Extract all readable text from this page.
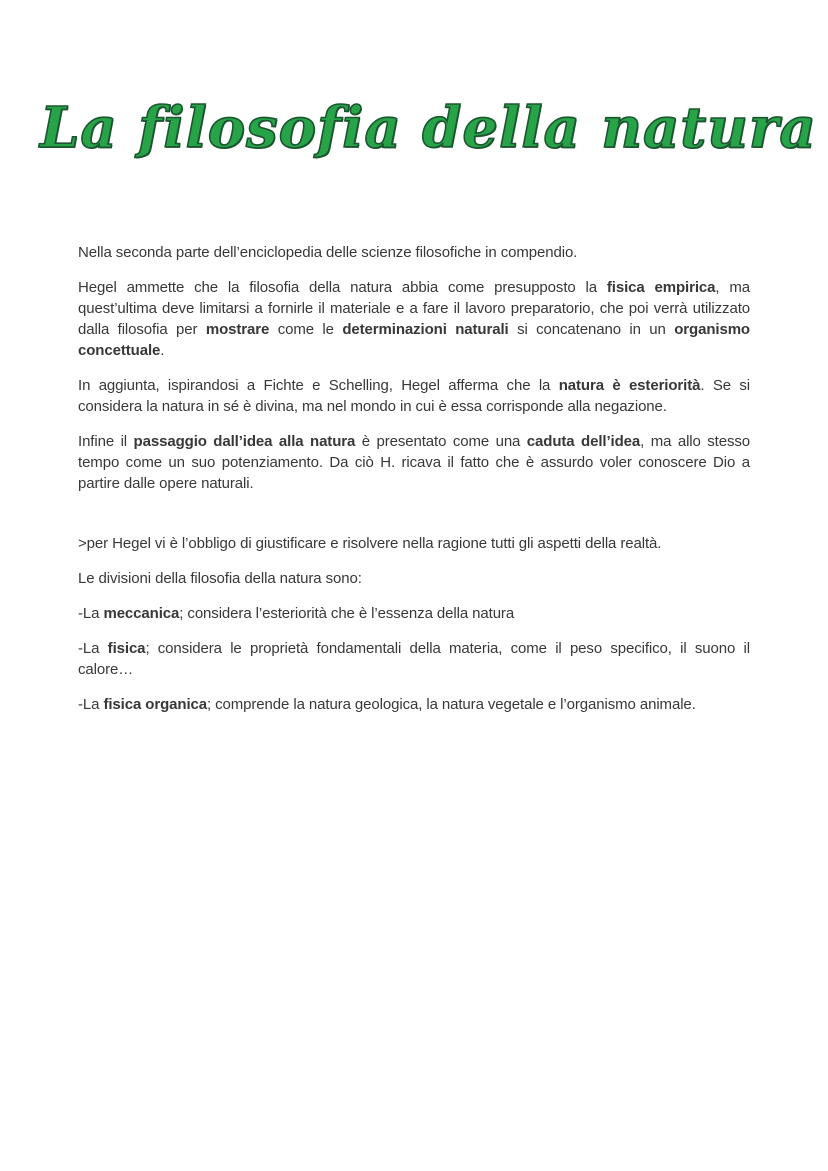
La filosofia della natura

Nella seconda parte dell’enciclopedia delle scienze filosofiche in compendio.

Hegel ammette che la filosofia della natura abbia come presupposto la fisica empirica, ma quest’ultima deve limitarsi a fornirle il materiale e a fare il lavoro preparatorio, che poi verrà utilizzato dalla filosofia per mostrare come le determinazioni naturali si concatenano in un organismo concettuale.

In aggiunta, ispirandosi a Fichte e Schelling, Hegel afferma che la natura è esteriorità. Se si considera la natura in sé è divina, ma nel mondo in cui è essa corrisponde alla negazione.

Infine il passaggio dall’idea alla natura è presentato come una caduta dell’idea, ma allo stesso tempo come un suo potenziamento. Da ciò H. ricava il fatto che è assurdo voler conoscere Dio a partire dalle opere naturali.

>per Hegel vi è l’obbligo di giustificare e risolvere nella ragione tutti gli aspetti della realtà.

Le divisioni della filosofia della natura sono:

-La meccanica; considera l’esteriorità che è l’essenza della natura

-La fisica; considera le proprietà fondamentali della materia, come il peso specifico, il suono il calore…

-La fisica organica; comprende la natura geologica, la natura vegetale e l’organismo animale.
